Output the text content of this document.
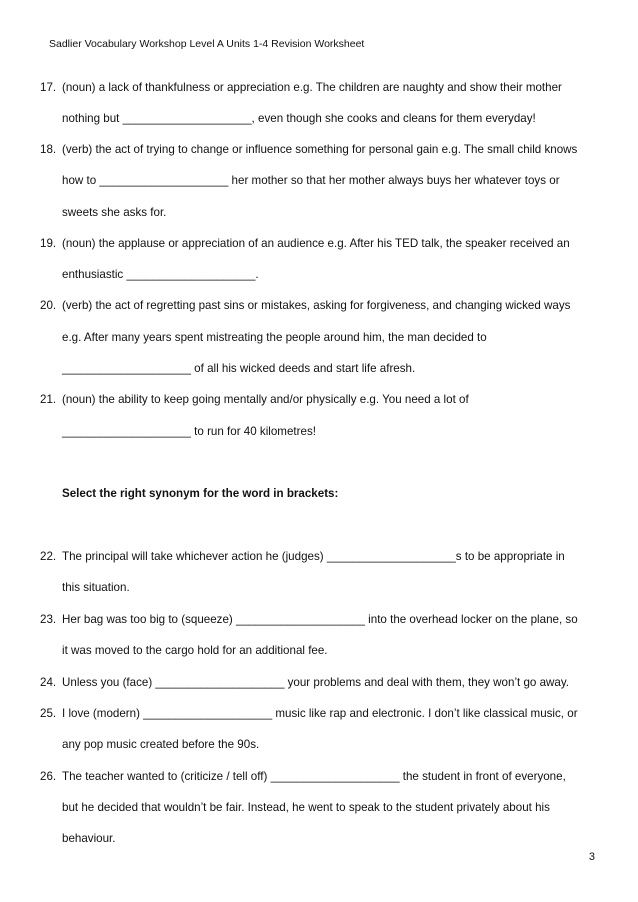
Sadlier Vocabulary Workshop Level A Units 1-4 Revision Worksheet
17. (noun) a lack of thankfulness or appreciation e.g. The children are naughty and show their mother
nothing but ____________________, even though she cooks and cleans for them everyday!
18. (verb) the act of trying to change or influence something for personal gain e.g. The small child knows
how to ____________________ her mother so that her mother always buys her whatever toys or
sweets she asks for.
19. (noun) the applause or appreciation of an audience e.g. After his TED talk, the speaker received an
enthusiastic ____________________.
20. (verb) the act of regretting past sins or mistakes, asking for forgiveness, and changing wicked ways
e.g. After many years spent mistreating the people around him, the man decided to
____________________ of all his wicked deeds and start life afresh.
21. (noun) the ability to keep going mentally and/or physically e.g. You need a lot of
____________________ to run for 40 kilometres!
Select the right synonym for the word in brackets:
22. The principal will take whichever action he (judges) ____________________s to be appropriate in
this situation.
23. Her bag was too big to (squeeze) ____________________ into the overhead locker on the plane, so
it was moved to the cargo hold for an additional fee.
24. Unless you (face) ____________________ your problems and deal with them, they won’t go away.
25. I love (modern) ____________________ music like rap and electronic. I don’t like classical music, or
any pop music created before the 90s.
26. The teacher wanted to (criticize / tell off) ____________________ the student in front of everyone,
but he decided that wouldn’t be fair. Instead, he went to speak to the student privately about his
behaviour.
3
